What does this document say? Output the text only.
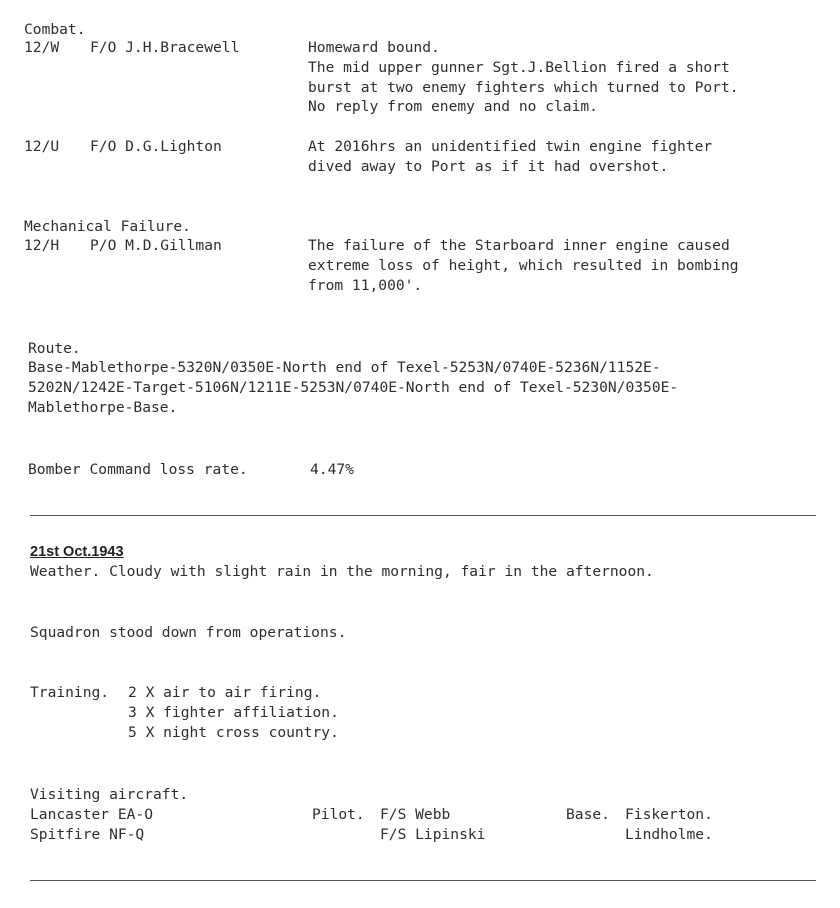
Combat.
12/W F/O J.H.Bracewell	Homeward bound.
The mid upper gunner Sgt.J.Bellion fired a short
burst at two enemy fighters which turned to Port.
No reply from enemy and no claim.
12/U F/O D.G.Lighton	At 2016hrs an unidentified twin engine fighter
dived away to Port as if it had overshot.
Mechanical Failure.
12/H P/O M.D.Gillman	The failure of the Starboard inner engine caused
extreme loss of height, which resulted in bombing
from 11,000'.
Route.
Base-Mablethorpe-5320N/0350E-North end of Texel-5253N/0740E-5236N/1152E-
5202N/1242E-Target-5106N/1211E-5253N/0740E-North end of Texel-5230N/0350E-
Mablethorpe-Base.
Bomber Command loss rate.	4.47%
21st Oct.1943
Weather. Cloudy with slight rain in the morning, fair in the afternoon.
Squadron stood down from operations.
Training. 2 X air to air firing.
3 X fighter affiliation.
5 X night cross country.
Visiting aircraft.
Lancaster EA-O	Pilot. F/S Webb	Base. Fiskerton.
Spitfire NF-Q	F/S Lipinski	Lindholme.
